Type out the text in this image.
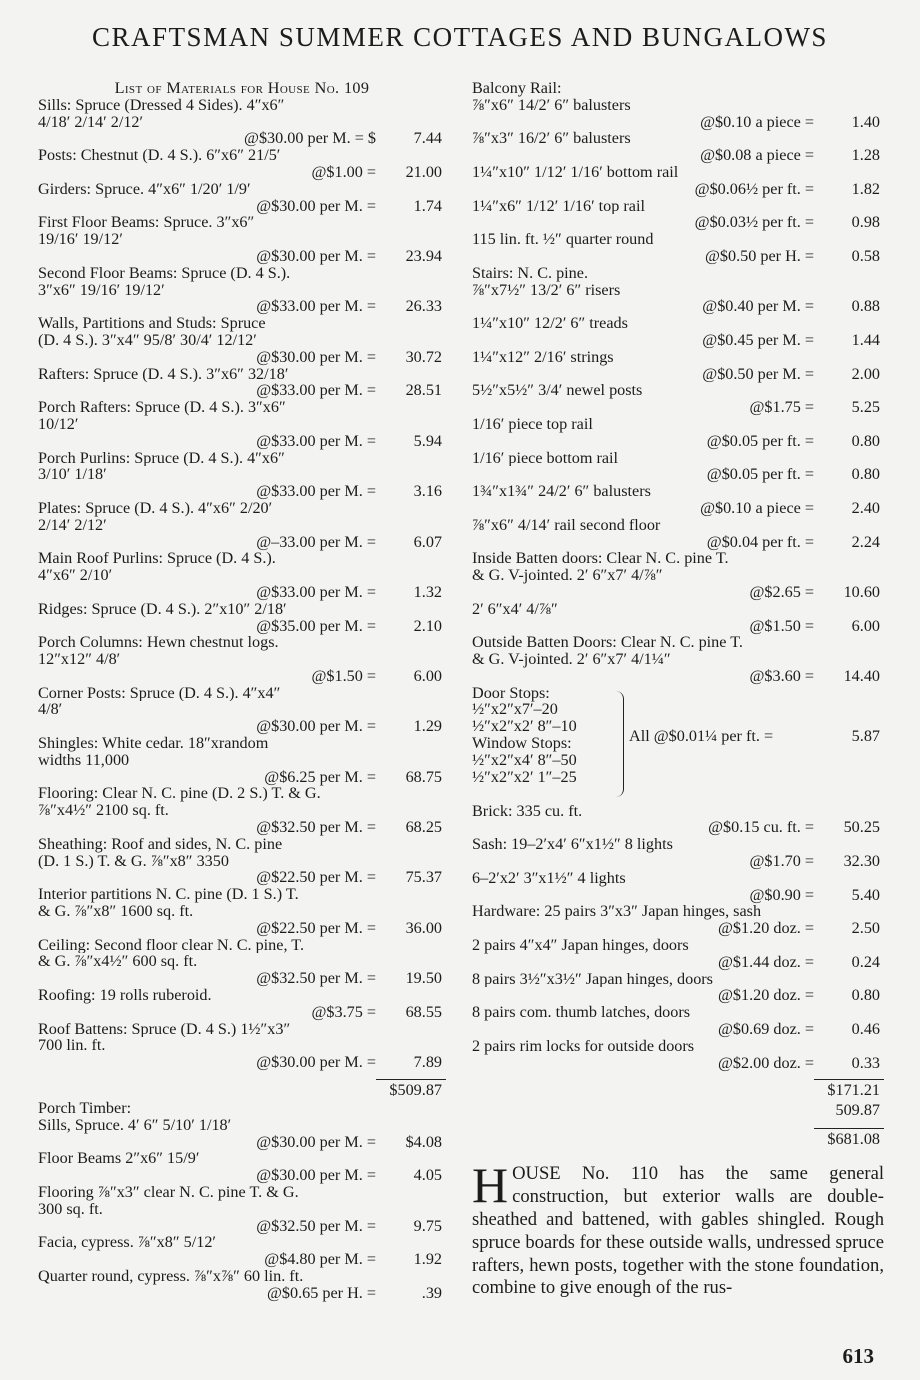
CRAFTSMAN SUMMER COTTAGES AND BUNGALOWS
List of Materials for House No. 109
Sills: Spruce (Dressed 4 Sides). 4″x6″
4/18′ 2/14′ 2/12′
@$30.00 per M. = $ 7.44
Posts: Chestnut (D. 4 S.). 6″x6″ 21/5′
@$1.00 = 21.00
Girders: Spruce. 4″x6″ 1/20′ 1/9′
@$30.00 per M. = 1.74
First Floor Beams: Spruce. 3″x6″
19/16′ 19/12′
@$30.00 per M. = 23.94
Second Floor Beams: Spruce (D. 4 S.).
3″x6″ 19/16′ 19/12′
@$33.00 per M. = 26.33
Walls, Partitions and Studs: Spruce
(D. 4 S.). 3″x4″ 95/8′ 30/4′ 12/12′
@$30.00 per M. = 30.72
Rafters: Spruce (D. 4 S.). 3″x6″ 32/18′
@$33.00 per M. = 28.51
Porch Rafters: Spruce (D. 4 S.). 3″x6″
10/12′
@$33.00 per M. = 5.94
Porch Purlins: Spruce (D. 4 S.). 4″x6″
3/10′ 1/18′
@$33.00 per M. = 3.16
Plates: Spruce (D. 4 S.). 4″x6″ 2/20′
2/14′ 2/12′
@–33.00 per M. = 6.07
Main Roof Purlins: Spruce (D. 4 S.).
4″x6″ 2/10′
@$33.00 per M. = 1.32
Ridges: Spruce (D. 4 S.). 2″x10″ 2/18′
@$35.00 per M. = 2.10
Porch Columns: Hewn chestnut logs.
12″x12″ 4/8′
@$1.50 = 6.00
Corner Posts: Spruce (D. 4 S.). 4″x4″
4/8′
@$30.00 per M. = 1.29
Shingles: White cedar. 18″xrandom
widths 11,000
@$6.25 per M. = 68.75
Flooring: Clear N. C. pine (D. 2 S.) T. & G.
⅞″x4½″ 2100 sq. ft.
@$32.50 per M. = 68.25
Sheathing: Roof and sides, N. C. pine
(D. 1 S.) T. & G. ⅞″x8″ 3350
@$22.50 per M. = 75.37
Interior partitions N. C. pine (D. 1 S.) T.
& G. ⅞″x8″ 1600 sq. ft.
@$22.50 per M. = 36.00
Ceiling: Second floor clear N. C. pine, T.
& G. ⅞″x4½″ 600 sq. ft.
@$32.50 per M. = 19.50
Roofing: 19 rolls ruberoid.
@$3.75 = 68.55
Roof Battens: Spruce (D. 4 S.) 1½″x3″
700 lin. ft.
@$30.00 per M. = 7.89
$509.87
Porch Timber:
Sills, Spruce. 4′ 6″ 5/10′ 1/18′
@$30.00 per M. = $4.08
Floor Beams 2″x6″ 15/9′
@$30.00 per M. = 4.05
Flooring ⅞″x3″ clear N. C. pine T. & G.
300 sq. ft.
@$32.50 per M. = 9.75
Facia, cypress. ⅞″x8″ 5/12′
@$4.80 per M. = 1.92
Quarter round, cypress. ⅞″x⅞″ 60 lin. ft.
@$0.65 per H. =	.39
Balcony Rail:
⅞″x6″ 14/2′ 6″ balusters
@$0.10 a piece = 1.40
⅞″x3″ 16/2′ 6″ balusters
@$0.08 a piece = 1.28
1¼″x10″ 1/12′ 1/16′ bottom rail
@$0.06½ per ft. = 1.82
1¼″x6″ 1/12′ 1/16′ top rail
@$0.03½ per ft. = 0.98
115 lin. ft. ½″ quarter round
@$0.50 per H. = 0.58
Stairs: N. C. pine.
⅞″x7½″ 13/2′ 6″ risers
@$0.40 per M. = 0.88
1¼″x10″ 12/2′ 6″ treads
@$0.45 per M. = 1.44
1¼″x12″ 2/16′ strings
@$0.50 per M. = 2.00
5½″x5½″ 3/4′ newel posts
@$1.75 = 5.25
1/16′ piece top rail
@$0.05 per ft. = 0.80
1/16′ piece bottom rail
@$0.05 per ft. = 0.80
1¾″x1¾″ 24/2′ 6″ balusters
@$0.10 a piece = 2.40
⅞″x6″ 4/14′ rail second floor
@$0.04 per ft. = 2.24
Inside Batten doors: Clear N. C. pine T.
& G. V-jointed. 2′ 6″x7′ 4/⅞″
@$2.65 = 10.60
2′ 6″x4′ 4/⅞″
@$1.50 = 6.00
Outside Batten Doors: Clear N. C. pine T.
& G. V-jointed. 2′ 6″x7′ 4/1¼″
@$3.60 = 14.40
Door Stops:
½″x2″x7′–20
½″x2″x2′ 8″–10
Window Stops:
½″x2″x4′ 8″–50
½″x2″x2′ 1″–25
All @$0.01¼ per ft. =	5.87
Brick: 335 cu. ft.
@$0.15 cu. ft. = 50.25
Sash: 19–2′x4′ 6″x1½″ 8 lights
@$1.70 = 32.30
6–2′x2′ 3″x1½″ 4 lights
@$0.90 = 5.40
Hardware: 25 pairs 3″x3″ Japan hinges, sash
@$1.20 doz. = 2.50
2 pairs 4″x4″ Japan hinges, doors
@$1.44 doz. = 0.24
8 pairs 3½″x3½″ Japan hinges, doors
@$1.20 doz. = 0.80
8 pairs com. thumb latches, doors
@$0.69 doz. = 0.46
2 pairs rim locks for outside doors
@$2.00 doz. = 0.33
$171.21
509.87
$681.08
HOUSE No. 110 has the same general construction, but exterior walls are double-sheathed and battened, with gables shingled. Rough spruce boards for these outside walls, undressed spruce rafters, hewn posts, together with the stone foundation, combine to give enough of the rus-
613
